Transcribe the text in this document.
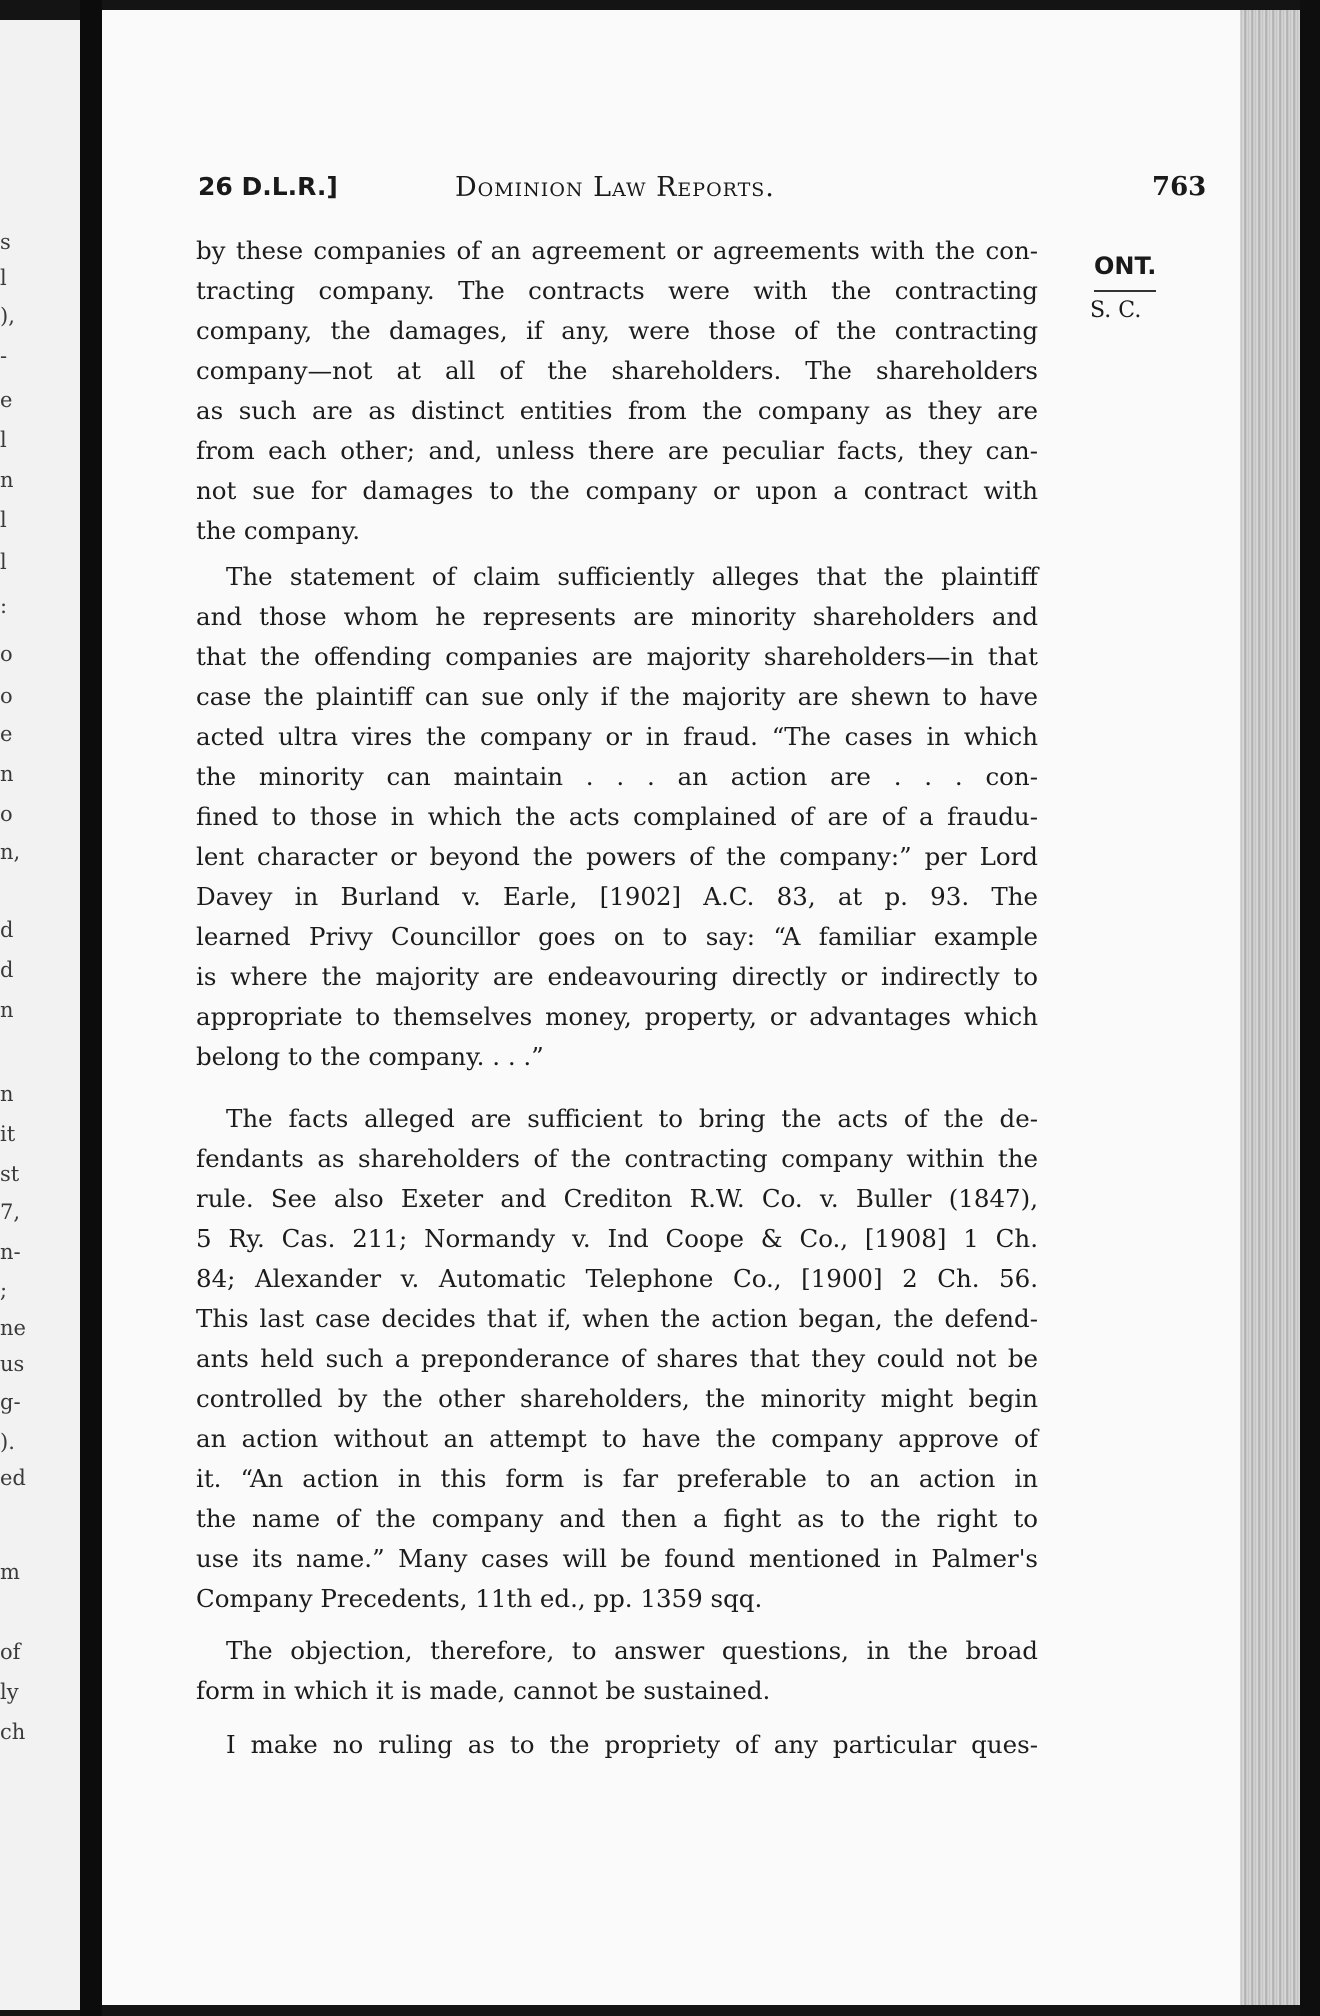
s
l
),
-
e
l
n
l
l
:
o
o
e
n
o
n,
d
d
n
n
it
st
7,
n-
;
ne
us
g-
).
ed
m
of
ly
ch
26 D.L.R.]	Dominion Law Reports.	763
ONT.
S. C.
by these companies of an agreement or agreements with the con-
tracting company. The contracts were with the contracting
company, the damages, if any, were those of the contracting
company—not at all of the shareholders. The shareholders
as such are as distinct entities from the company as they are
from each other; and, unless there are peculiar facts, they can-
not sue for damages to the company or upon a contract with
the company.
The statement of claim sufficiently alleges that the plaintiff
and those whom he represents are minority shareholders and
that the offending companies are majority shareholders—in that
case the plaintiff can sue only if the majority are shewn to have
acted ultra vires the company or in fraud. “The cases in which
the minority can maintain . . . an action are . . . con-
fined to those in which the acts complained of are of a fraudu-
lent character or beyond the powers of the company:” per Lord
Davey in Burland v. Earle, [1902] A.C. 83, at p. 93. The
learned Privy Councillor goes on to say: “A familiar example
is where the majority are endeavouring directly or indirectly to
appropriate to themselves money, property, or advantages which
belong to the company. . . .”
The facts alleged are sufficient to bring the acts of the de-
fendants as shareholders of the contracting company within the
rule. See also Exeter and Crediton R.W. Co. v. Buller (1847),
5 Ry. Cas. 211; Normandy v. Ind Coope & Co., [1908] 1 Ch.
84; Alexander v. Automatic Telephone Co., [1900] 2 Ch. 56.
This last case decides that if, when the action began, the defend-
ants held such a preponderance of shares that they could not be
controlled by the other shareholders, the minority might begin
an action without an attempt to have the company approve of
it. “An action in this form is far preferable to an action in
the name of the company and then a fight as to the right to
use its name.” Many cases will be found mentioned in Palmer's
Company Precedents, 11th ed., pp. 1359 sqq.
The objection, therefore, to answer questions, in the broad
form in which it is made, cannot be sustained.
I make no ruling as to the propriety of any particular ques-
